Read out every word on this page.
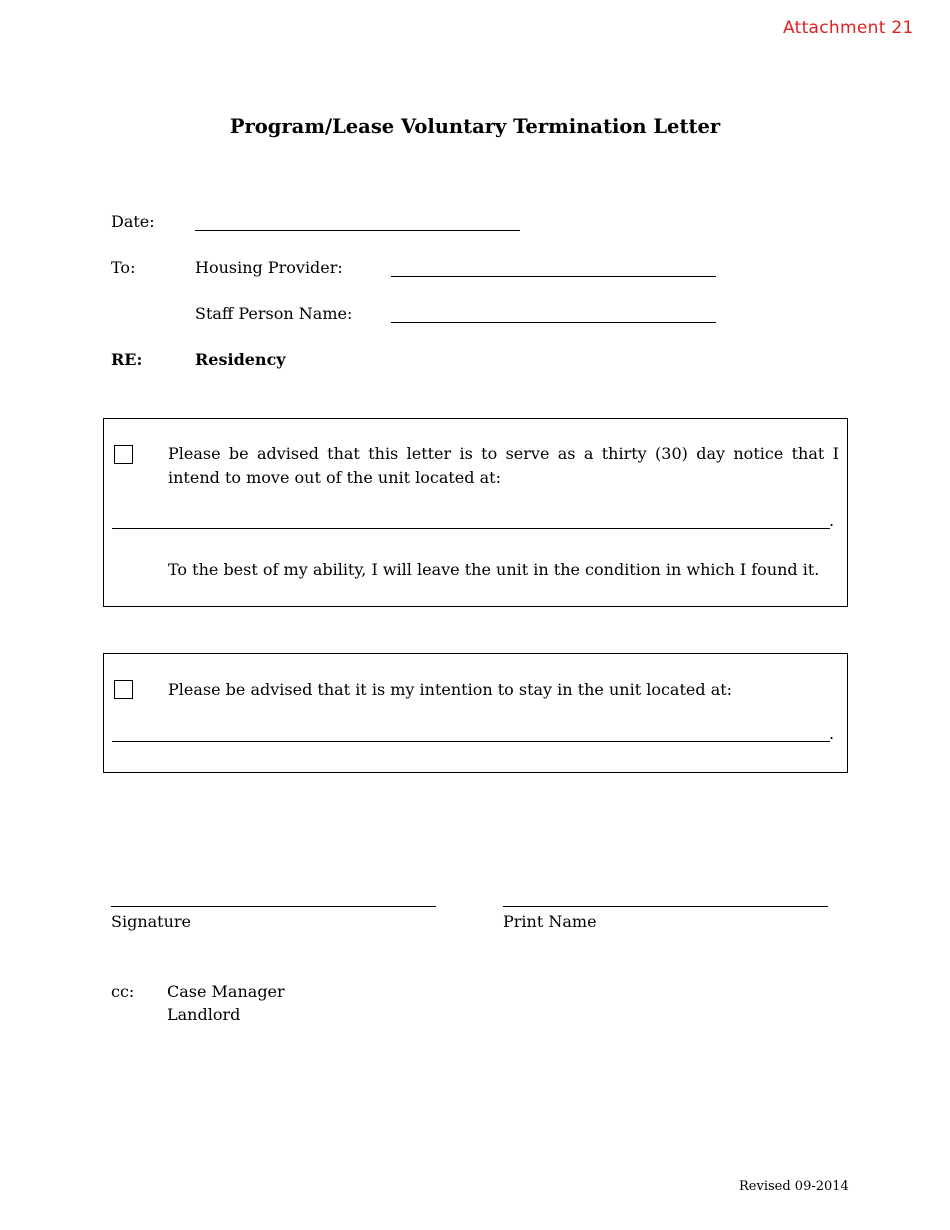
Attachment 21
Program/Lease Voluntary Termination Letter
Date:
To:	Housing Provider:
Staff Person Name:
RE:	Residency
Please be advised that this letter is to serve as a thirty (30) day notice that I intend to move out of the unit located at:
.
To the best of my ability, I will leave the unit in the condition in which I found it.
Please be advised that it is my intention to stay in the unit located at:
.
Signature	Print Name
cc: Case Manager
Landlord
Revised 09-2014
